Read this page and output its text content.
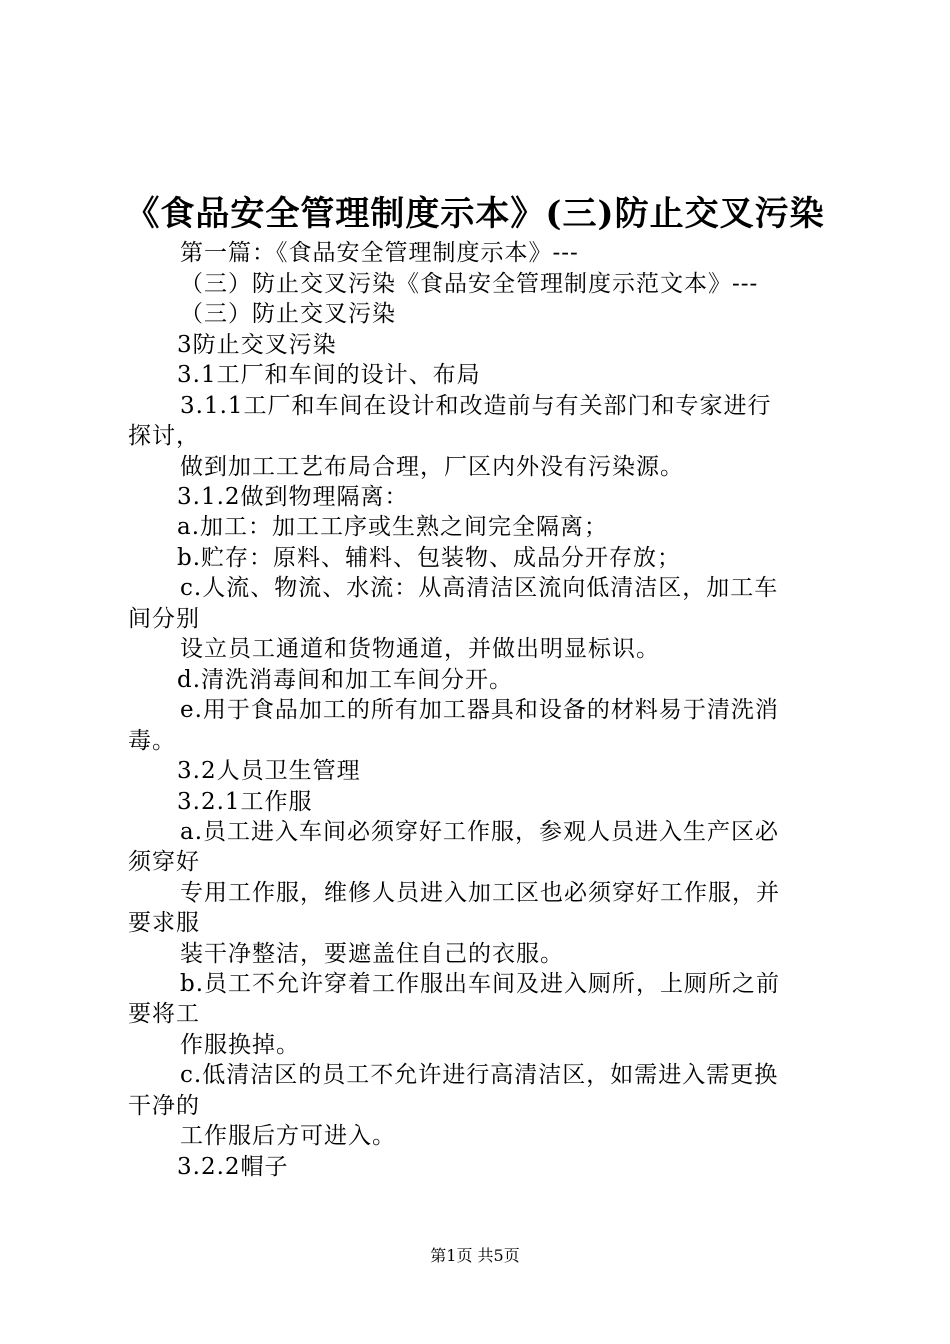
《食品安全管理制度示本》(三)防止交叉污染
第一篇：《食品安全管理制度示本》---
（三）防止交叉污染《食品安全管理制度示范文本》---
（三）防止交叉污染
3防止交叉污染
3.1工厂和车间的设计、布局
3.1.1工厂和车间在设计和改造前与有关部门和专家进行
探讨，
做到加工工艺布局合理，厂区内外没有污染源。
3.1.2做到物理隔离：
a.加工：加工工序或生熟之间完全隔离；
b.贮存：原料、辅料、包装物、成品分开存放；
c.人流、物流、水流：从高清洁区流向低清洁区，加工车
间分别
设立员工通道和货物通道，并做出明显标识。
d.清洗消毒间和加工车间分开。
e.用于食品加工的所有加工器具和设备的材料易于清洗消
毒。
3.2人员卫生管理
3.2.1工作服
a.员工进入车间必须穿好工作服，参观人员进入生产区必
须穿好
专用工作服，维修人员进入加工区也必须穿好工作服，并
要求服
装干净整洁，要遮盖住自己的衣服。
b.员工不允许穿着工作服出车间及进入厕所，上厕所之前
要将工
作服换掉。
c.低清洁区的员工不允许进行高清洁区，如需进入需更换
干净的
工作服后方可进入。
3.2.2帽子
第1页 共5页
